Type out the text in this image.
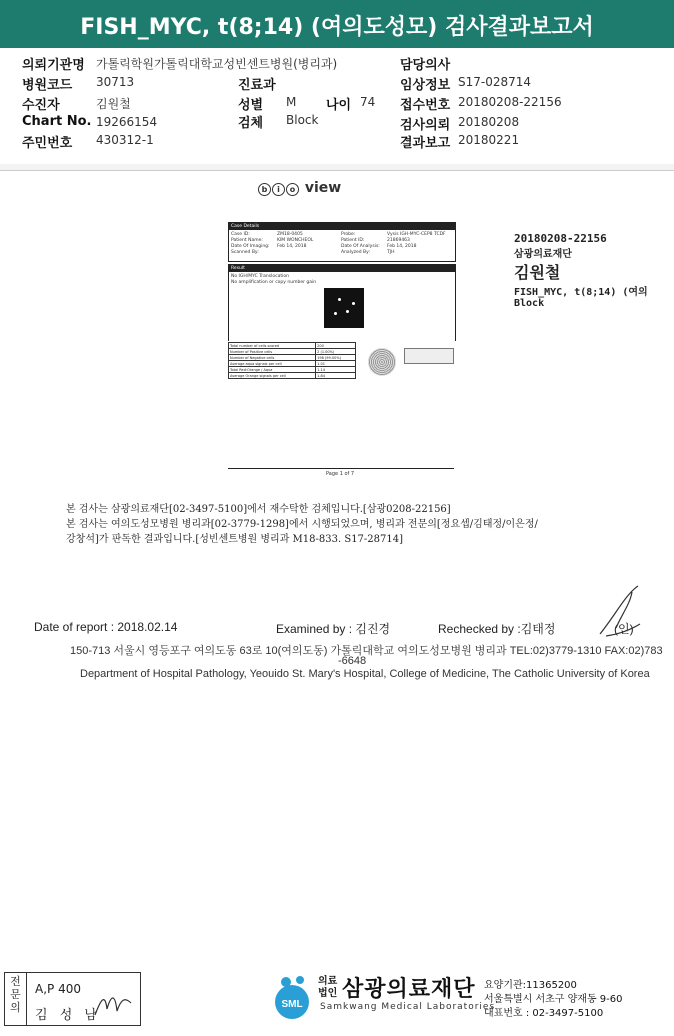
FISH_MYC, t(8;14) (여의도성모) 검사결과보고서
의뢰기관명 가톨릭학원가톨릭대학교성빈센트병원(병리과)	담당의사
병원코드 30713	진료과	임상정보 S17-028714
수진자	김원철	성별 M 나이 74 접수번호 20180208-22156
Chart No. 19266154	검체 Block	검사의뢰 20180208
주민번호 430312-1	결과보고 20180221
b i o view
Case Details
Case ID:	ZM18-0405
Patient Name:	KIM WONCHEOL
Date Of Imaging: Feb 14, 2018
Scanned By:
Probe:	Vysis IGH-MYC-CEP8 TCDF
Patient ID:	21869463
Date Of Analysis: Feb 14, 2018
Analyzed By:	TJH
Result
No IGH/MYC Translocation
No amplification or copy number gain
Total number of cells scored	200
Number of Positive cells	2 (1.00%)
Number of Negative cells	198 (99.00%)
Average aqua signals per cell	1.01
Total Red:Orange / Aqua	1.14
Average Orange signals per cell	1.84
Page 1 of 7
20180208-22156
삼광의료재단
김원철
FISH_MYC, t(8;14) (여의
Block
본 검사는 삼광의료재단[02-3497-5100]에서 재수탁한 검체입니다.[삼광0208-22156]
본 검사는 여의도성모병원 병리과[02-3779-1298]에서 시행되었으며, 병리과 전문의[정요셉/김태정/이은정/
강창석]가 판독한 결과입니다.[성빈센트병원 병리과 M18-833. S17-28714]
Date of report : 2018.02.14	Examined by : 김진경	Rechecked by :김태정	(인)
150-713 서울시 영등포구 여의도동 63로 10(여의도동) 가톨릭대학교 여의도성모병원 병리과 TEL:02)3779-1310 FAX:02)783
-6648
Department of Hospital Pathology, Yeouido St. Mary's Hospital, College of Medicine, The Catholic University of Korea
전문의
A,P 400
김 성 남
SML
의료
법인 삼광의료재단
Samkwang Medical Laboratories
요양기관:11365200
서울특별시 서초구 양재동 9-60
대표번호 : 02-3497-5100
